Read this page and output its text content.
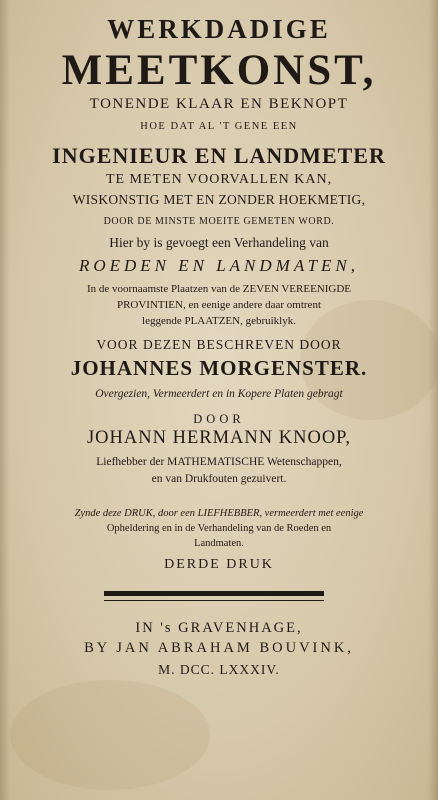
WERKDADIGE
MEETKONST,
TONENDE KLAAR EN BEKNOPT
HOE DAT AL 'T GENE EEN
INGENIEUR EN LANDMETER
TE METEN VOORVALLEN KAN,
WISKONSTIG MET EN ZONDER HOEKMETIG,
DOOR DE MINSTE MOEITE GEMETEN WORD.
Hier by is gevoegt een Verhandeling van
ROEDEN EN LANDMATEN,
In de voornaamste Plaatzen van de ZEVEN VEREENIGDE
PROVINTIEN, en eenige andere daar omtrent
leggende PLAATZEN, gebruiklyk.
VOOR DEZEN BESCHREVEN DOOR
JOHANNES MORGENSTER.
Overgezien, Vermeerdert en in Kopere Platen gebragt
DOOR
JOHANN HERMANN KNOOP,
Liefhebber der MATHEMATISCHE Wetenschappen,
en van Drukfouten gezuivert.
Zynde deze DRUK, door een LIEFHEBBER, vermeerdert met eenige
Opheldering en in de Verhandeling van de Roeden en
Landmaten.
DERDE DRUK
IN 's GRAVENHAGE,
BY JAN ABRAHAM BOUVINK,
M. DCC. LXXXIV.
